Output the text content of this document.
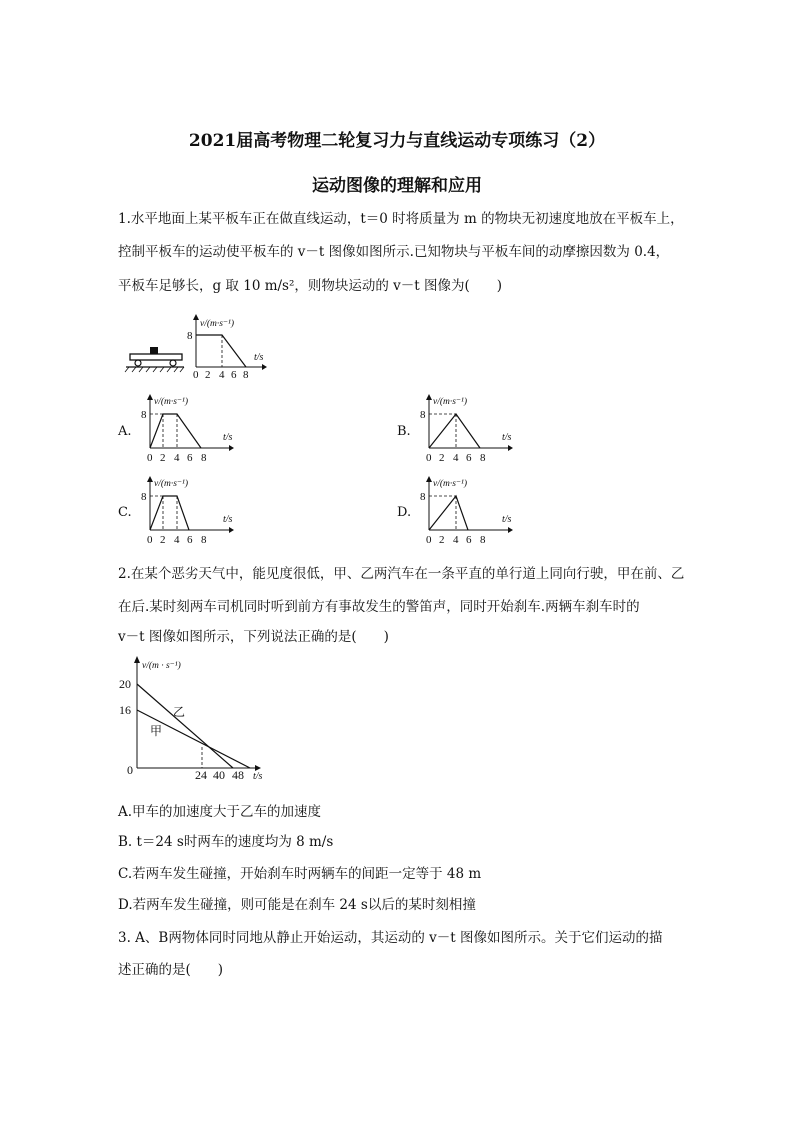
2021届高考物理二轮复习力与直线运动专项练习（2）
运动图像的理解和应用
1.水平地面上某平板车正在做直线运动，t＝0 时将质量为 m 的物块无初速度地放在平板车上，
控制平板车的运动使平板车的 v－t 图像如图所示.已知物块与平板车间的动摩擦因数为 0.4，
平板车足够长，g 取 10 m/s²，则物块运动的 v－t 图像为(　　)
v/(m·s⁻¹)
t/s
8
0 2 4 6 8
A.
v/(m·s⁻¹)
t/s
8
0 2 4 6 8
B.
v/(m·s⁻¹)
t/s
8
0 2 4 6 8
C.
v/(m·s⁻¹)
t/s
8
0 2 4 6 8
D.
v/(m·s⁻¹)
t/s
8
0 2 4 6 8
2.在某个恶劣天气中，能见度很低，甲、乙两汽车在一条平直的单行道上同向行驶，甲在前、乙
在后.某时刻两车司机同时听到前方有事故发生的警笛声，同时开始刹车.两辆车刹车时的
v－t 图像如图所示，下列说法正确的是(　　)
v/(m · s⁻¹)
t/s
20
16
0	24 40 48
乙
甲
A.甲车的加速度大于乙车的加速度
B. t＝24 s时两车的速度均为 8 m/s
C.若两车发生碰撞，开始刹车时两辆车的间距一定等于 48 m
D.若两车发生碰撞，则可能是在刹车 24 s以后的某时刻相撞
3. A、B两物体同时同地从静止开始运动，其运动的 v－t 图像如图所示。关于它们运动的描
述正确的是(　　)
